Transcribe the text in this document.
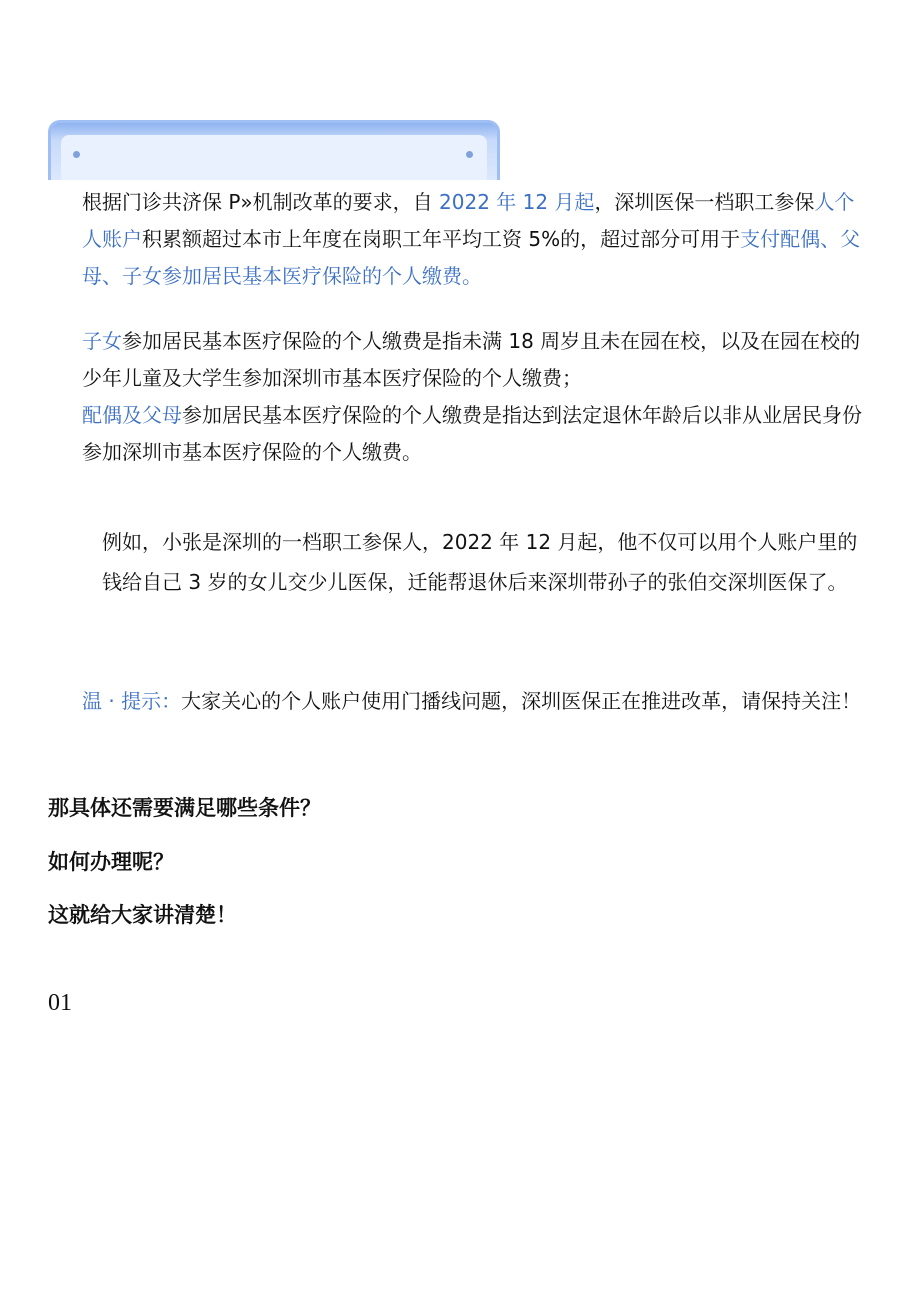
根据门诊共济保 P»机制改革的要求，自 2022 年 12 月起，深圳医保一档职工参保人个人账户积累额超过本市上年度在岗职工年平均工资 5%的，超过部分可用于支付配偶、父母、子女参加居民基本医疗保险的个人缴费。

子女参加居民基本医疗保险的个人缴费是指未满 18 周岁且未在园在校，以及在园在校的少年儿童及大学生参加深圳市基本医疗保险的个人缴费；

配偶及父母参加居民基本医疗保险的个人缴费是指达到法定退休年龄后以非从业居民身份参加深圳市基本医疗保险的个人缴费。

例如，小张是深圳的一档职工参保人，2022 年 12 月起，他不仅可以用个人账户里的钱给自己 3 岁的女儿交少儿医保，迁能帮退休后来深圳带孙子的张伯交深圳医保了。

温 · 提示：大家关心的个人账户使用门播线问题，深圳医保正在推进改革，请保持关注！

那具体还需要满足哪些条件？

如何办理呢？

这就给大家讲清楚！

01
